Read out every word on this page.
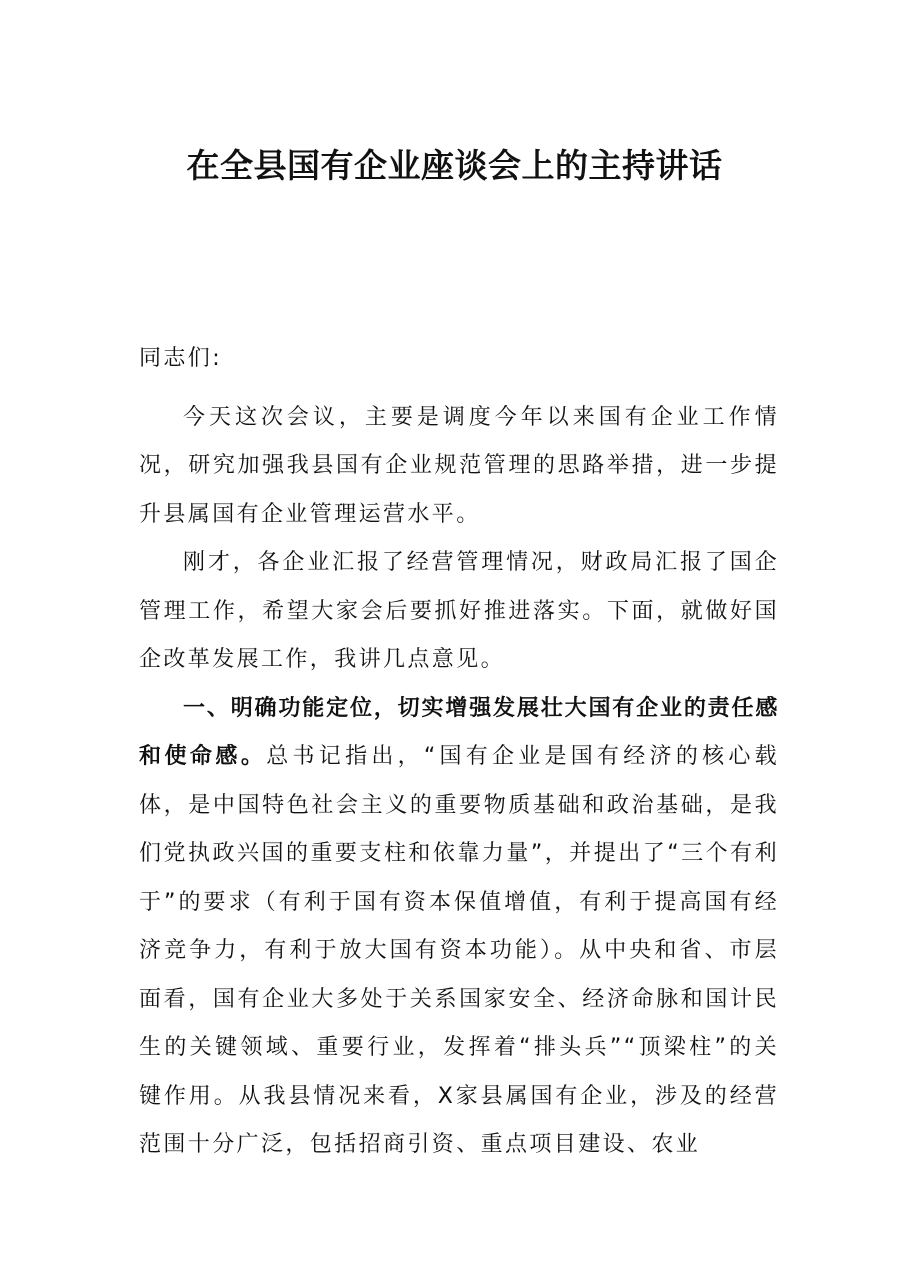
在全县国有企业座谈会上的主持讲话

同志们:

今天这次会议，主要是调度今年以来国有企业工作情况，研究加强我县国有企业规范管理的思路举措，进一步提升县属国有企业管理运营水平。

刚才，各企业汇报了经营管理情况，财政局汇报了国企管理工作，希望大家会后要抓好推进落实。下面，就做好国企改革发展工作，我讲几点意见。

一、明确功能定位，切实增强发展壮大国有企业的责任感和使命感。总书记指出，“国有企业是国有经济的核心载体，是中国特色社会主义的重要物质基础和政治基础，是我们党执政兴国的重要支柱和依靠力量”，并提出了“三个有利于”的要求（有利于国有资本保值增值，有利于提高国有经济竞争力，有利于放大国有资本功能）。从中央和省、市层面看，国有企业大多处于关系国家安全、经济命脉和国计民生的关键领域、重要行业，发挥着“排头兵”“顶梁柱”的关键作用。从我县情况来看，X家县属国有企业，涉及的经营范围十分广泛，包括招商引资、重点项目建设、农业
